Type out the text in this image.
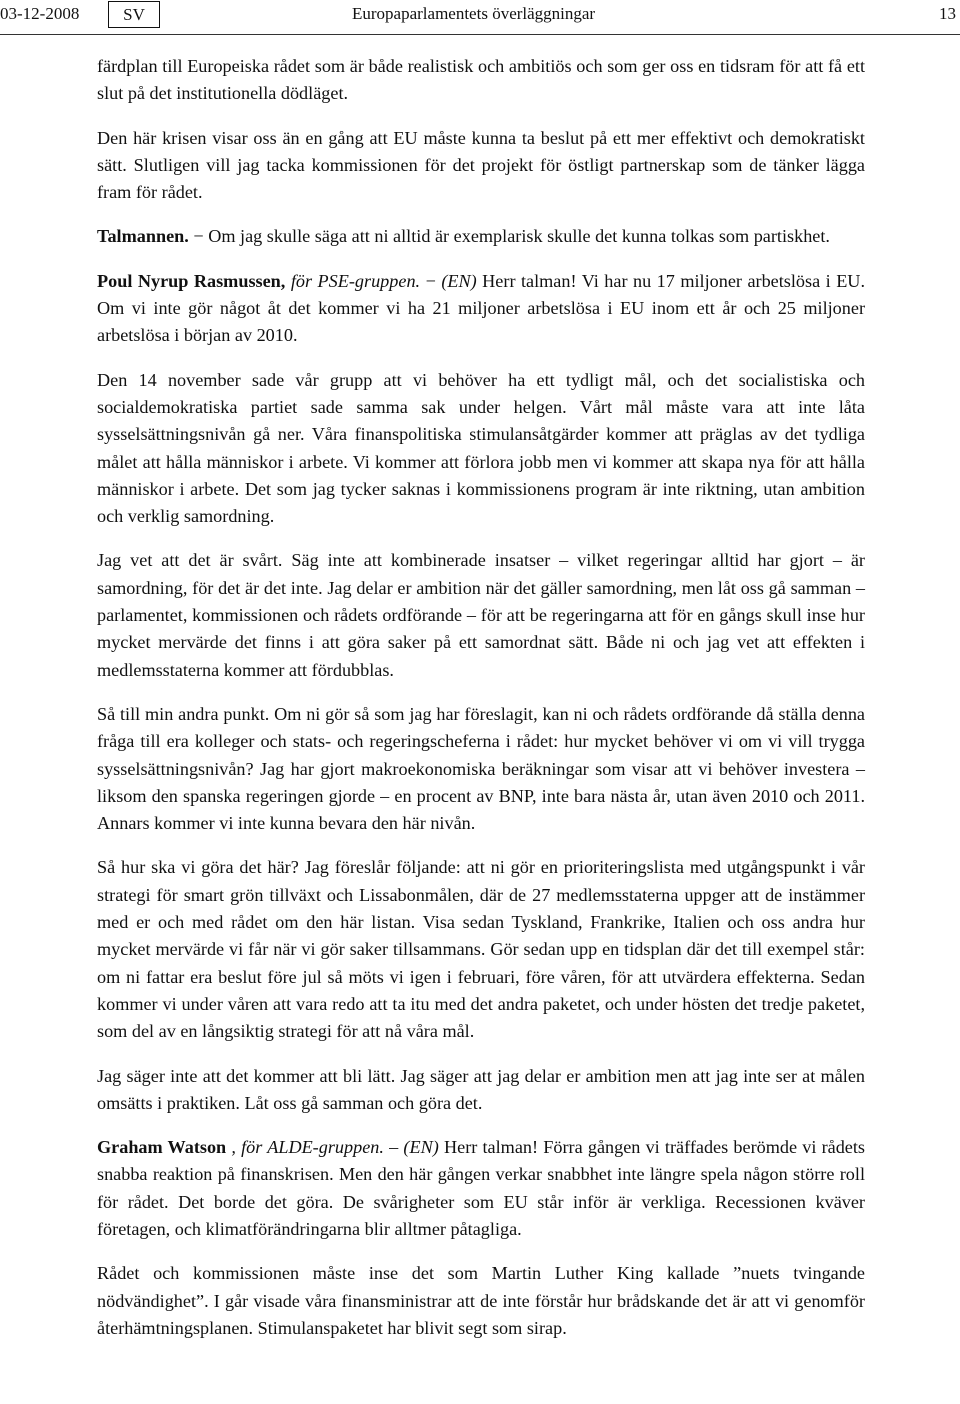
03-12-2008	SV	Europaparlamentets överläggningar	13

färdplan till Europeiska rådet som är både realistisk och ambitiös och som ger oss en tidsram för att få ett slut på det institutionella dödläget.

Den här krisen visar oss än en gång att EU måste kunna ta beslut på ett mer effektivt och demokratiskt sätt. Slutligen vill jag tacka kommissionen för det projekt för östligt partnerskap som de tänker lägga fram för rådet.

Talmannen. − Om jag skulle säga att ni alltid är exemplarisk skulle det kunna tolkas som partiskhet.

Poul Nyrup Rasmussen, för PSE-gruppen. − (EN) Herr talman! Vi har nu 17 miljoner arbetslösa i EU. Om vi inte gör något åt det kommer vi ha 21 miljoner arbetslösa i EU inom ett år och 25 miljoner arbetslösa i början av 2010.

Den 14 november sade vår grupp att vi behöver ha ett tydligt mål, och det socialistiska och socialdemokratiska partiet sade samma sak under helgen. Vårt mål måste vara att inte låta sysselsättningsnivån gå ner. Våra finanspolitiska stimulansåtgärder kommer att präglas av det tydliga målet att hålla människor i arbete. Vi kommer att förlora jobb men vi kommer att skapa nya för att hålla människor i arbete. Det som jag tycker saknas i kommissionens program är inte riktning, utan ambition och verklig samordning.

Jag vet att det är svårt. Säg inte att kombinerade insatser – vilket regeringar alltid har gjort – är samordning, för det är det inte. Jag delar er ambition när det gäller samordning, men låt oss gå samman – parlamentet, kommissionen och rådets ordförande – för att be regeringarna att för en gångs skull inse hur mycket mervärde det finns i att göra saker på ett samordnat sätt. Både ni och jag vet att effekten i medlemsstaterna kommer att fördubblas.

Så till min andra punkt. Om ni gör så som jag har föreslagit, kan ni och rådets ordförande då ställa denna fråga till era kolleger och stats- och regeringscheferna i rådet: hur mycket behöver vi om vi vill trygga sysselsättningsnivån? Jag har gjort makroekonomiska beräkningar som visar att vi behöver investera – liksom den spanska regeringen gjorde – en procent av BNP, inte bara nästa år, utan även 2010 och 2011. Annars kommer vi inte kunna bevara den här nivån.

Så hur ska vi göra det här? Jag föreslår följande: att ni gör en prioriteringslista med utgångspunkt i vår strategi för smart grön tillväxt och Lissabonmålen, där de 27 medlemsstaterna uppger att de instämmer med er och med rådet om den här listan. Visa sedan Tyskland, Frankrike, Italien och oss andra hur mycket mervärde vi får när vi gör saker tillsammans. Gör sedan upp en tidsplan där det till exempel står: om ni fattar era beslut före jul så möts vi igen i februari, före våren, för att utvärdera effekterna. Sedan kommer vi under våren att vara redo att ta itu med det andra paketet, och under hösten det tredje paketet, som del av en långsiktig strategi för att nå våra mål.

Jag säger inte att det kommer att bli lätt. Jag säger att jag delar er ambition men att jag inte ser at målen omsätts i praktiken. Låt oss gå samman och göra det.

Graham Watson , för ALDE-gruppen. – (EN) Herr talman! Förra gången vi träffades berömde vi rådets snabba reaktion på finanskrisen. Men den här gången verkar snabbhet inte längre spela någon större roll för rådet. Det borde det göra. De svårigheter som EU står inför är verkliga. Recessionen kväver företagen, och klimatförändringarna blir alltmer påtagliga.

Rådet och kommissionen måste inse det som Martin Luther King kallade ”nuets tvingande nödvändighet”. I går visade våra finansministrar att de inte förstår hur brådskande det är att vi genomför återhämtningsplanen. Stimulanspaketet har blivit segt som sirap.
